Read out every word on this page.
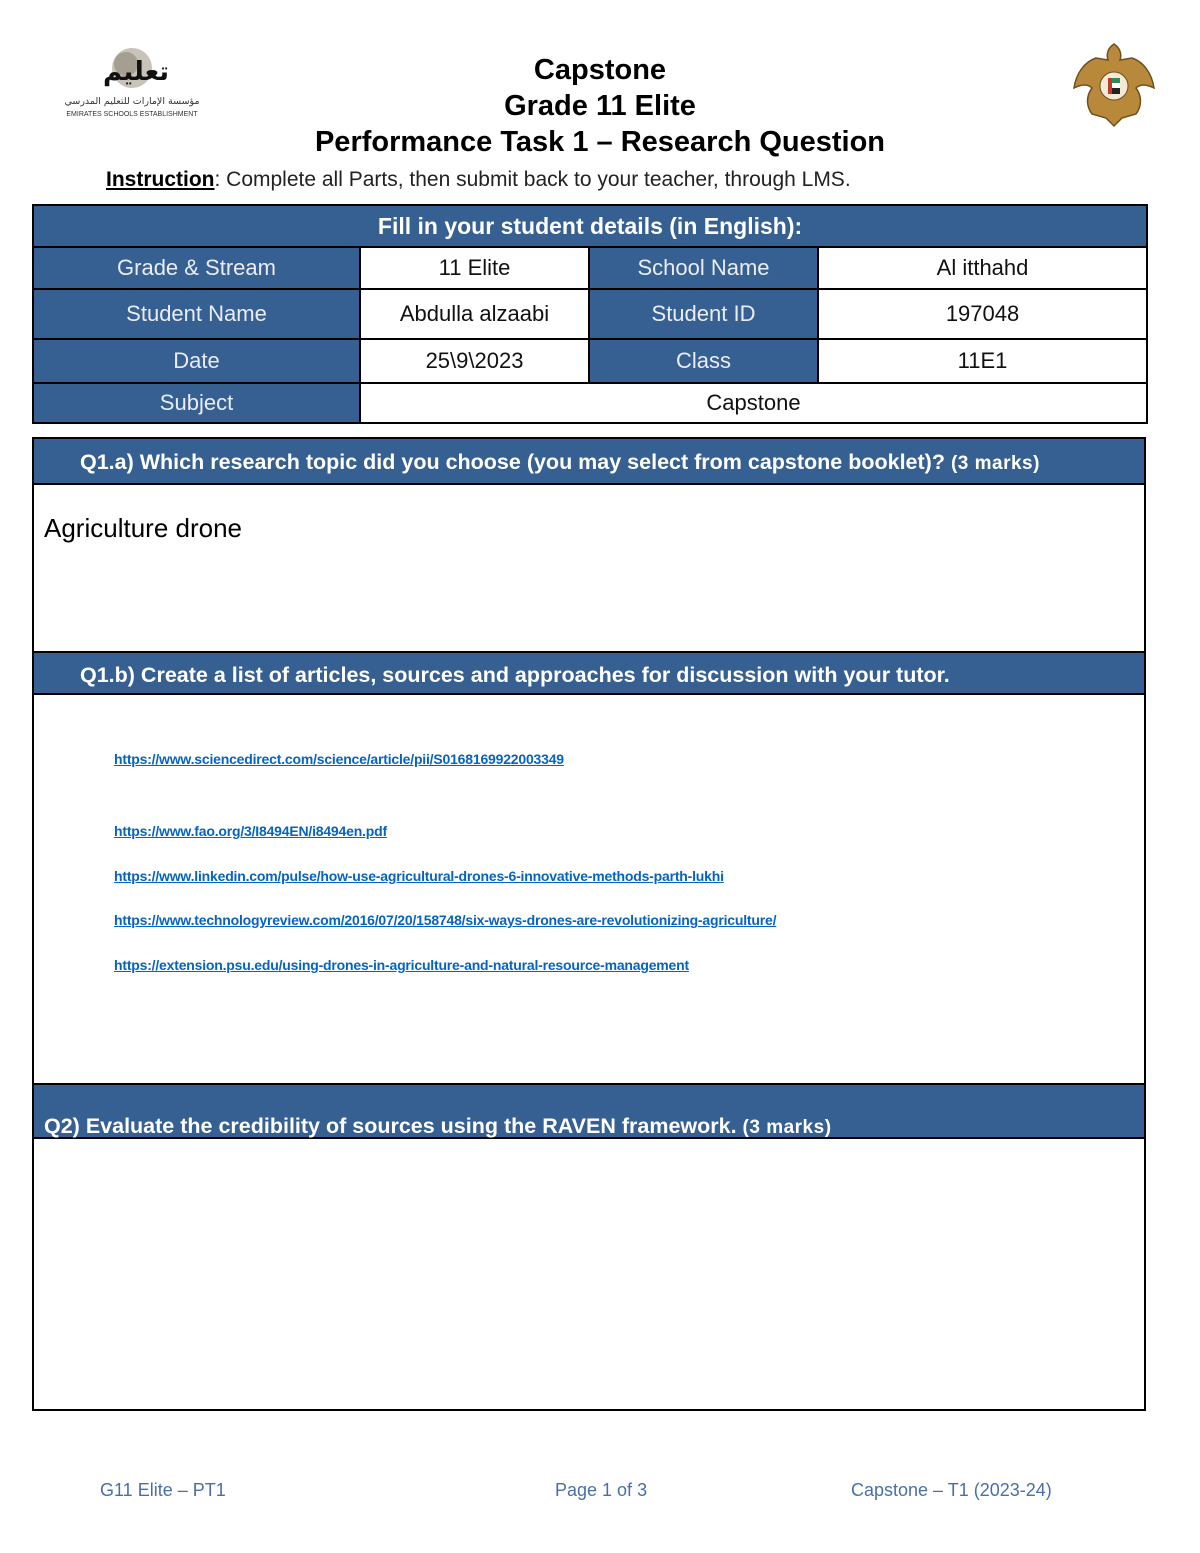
تعليم
مؤسسة الإمارات للتعليم المدرسي
EMIRATES SCHOOLS ESTABLISHMENT
Capstone
Grade 11 Elite
Performance Task 1 – Research Question
Instruction: Complete all Parts, then submit back to your teacher, through LMS.
Fill in your student details (in English):			
Grade & Stream	11 Elite	School Name	Al itthahd
Student Name	Abdulla alzaabi	Student ID	197048
Date	25\9\2023	Class	11E1
Subject	Capstone		
Q1.a) Which research topic did you choose (you may select from capstone booklet)? (3 marks)
Agriculture drone
Q1.b) Create a list of articles, sources and approaches for discussion with your tutor.
https://www.sciencedirect.com/science/article/pii/S0168169922003349
https://www.fao.org/3/I8494EN/i8494en.pdf
https://www.linkedin.com/pulse/how-use-agricultural-drones-6-innovative-methods-parth-lukhi
https://www.technologyreview.com/2016/07/20/158748/six-ways-drones-are-revolutionizing-agriculture/
https://extension.psu.edu/using-drones-in-agriculture-and-natural-resource-management
Q2) Evaluate the credibility of sources using the RAVEN framework. (3 marks)
G11 Elite – PT1	Page 1 of 3	Capstone – T1 (2023-24)
